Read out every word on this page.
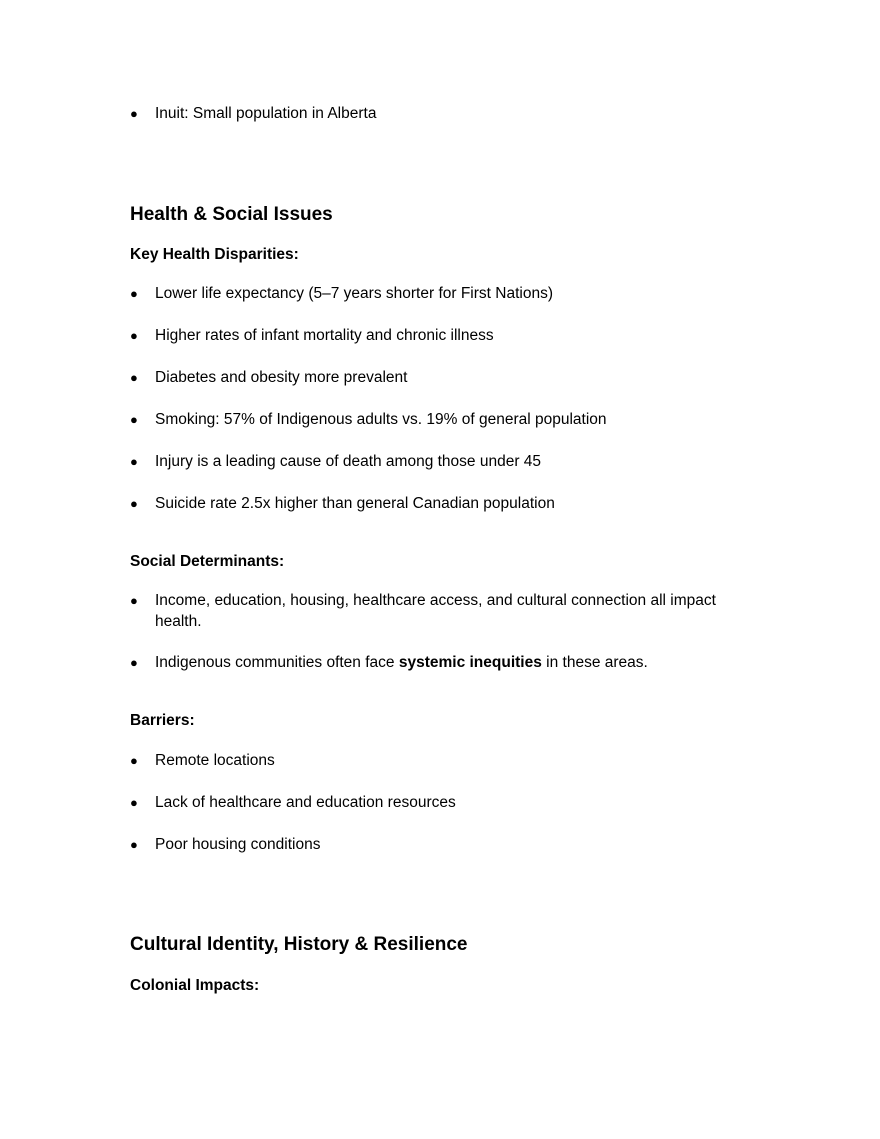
● Inuit: Small population in Alberta
Health & Social Issues
Key Health Disparities:
● Lower life expectancy (5–7 years shorter for First Nations)
● Higher rates of infant mortality and chronic illness
● Diabetes and obesity more prevalent
● Smoking: 57% of Indigenous adults vs. 19% of general population
● Injury is a leading cause of death among those under 45
● Suicide rate 2.5x higher than general Canadian population
Social Determinants:
● Income, education, housing, healthcare access, and cultural connection all impact health.
● Indigenous communities often face systemic inequities in these areas.
Barriers:
● Remote locations
● Lack of healthcare and education resources
● Poor housing conditions
Cultural Identity, History & Resilience
Colonial Impacts:
